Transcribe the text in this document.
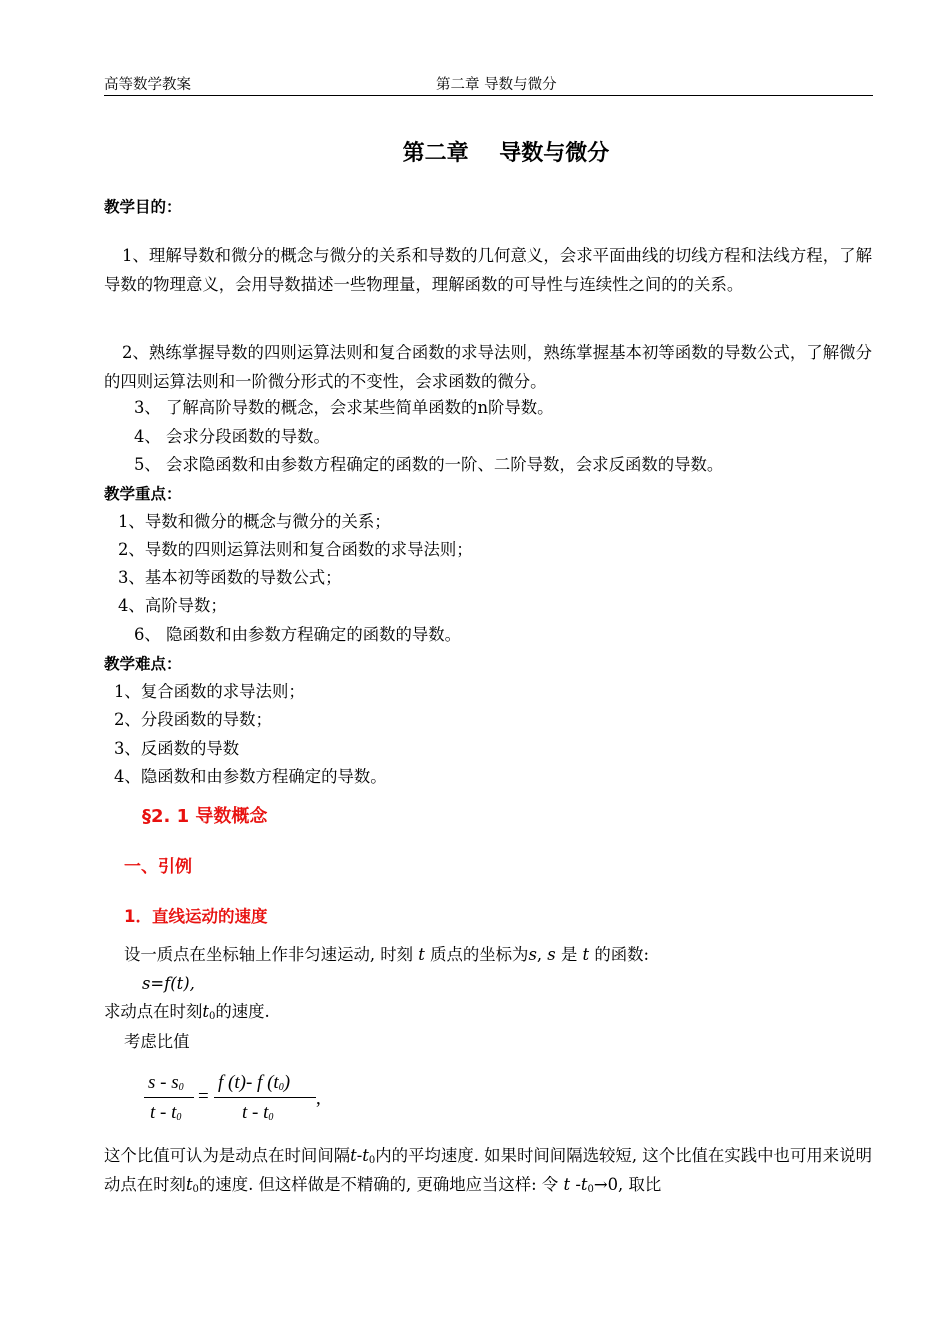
高等数学教案	第二章 导数与微分
第二章    导数与微分
教学目的：
1、理解导数和微分的概念与微分的关系和导数的几何意义，会求平面曲线的切线方程和法线方程，了解导数的物理意义，会用导数描述一些物理量，理解函数的可导性与连续性之间的的关系。
2、熟练掌握导数的四则运算法则和复合函数的求导法则，熟练掌握基本初等函数的导数公式，了解微分的四则运算法则和一阶微分形式的不变性，会求函数的微分。
3、 了解高阶导数的概念，会求某些简单函数的n阶导数。
4、 会求分段函数的导数。
5、 会求隐函数和由参数方程确定的函数的一阶、二阶导数，会求反函数的导数。
教学重点：
1、导数和微分的概念与微分的关系；
2、导数的四则运算法则和复合函数的求导法则；
3、基本初等函数的导数公式；
4、高阶导数；
6、 隐函数和由参数方程确定的函数的导数。
教学难点：
1、复合函数的求导法则；
2、分段函数的导数；
3、反函数的导数
4、隐函数和由参数方程确定的导数。
§2. 1 导数概念
一、引例
1．直线运动的速度
设一质点在坐标轴上作非匀速运动, 时刻 t 质点的坐标为s, s 是 t 的函数:
s=f(t),
求动点在时刻$t_0$的速度.
考虑比值
s - $s_0$
t - $t_0$
=
f (t)- f $(t_0)$
t - $t_0$
,
这个比值可认为是动点在时间间隔$t-t_0$内的平均速度. 如果时间间隔选较短, 这个比值在实践中也可用来说明动点在时刻$t_0$的速度. 但这样做是不精确的, 更确地应当这样: 令 t $-t_0\to 0$, 取比
